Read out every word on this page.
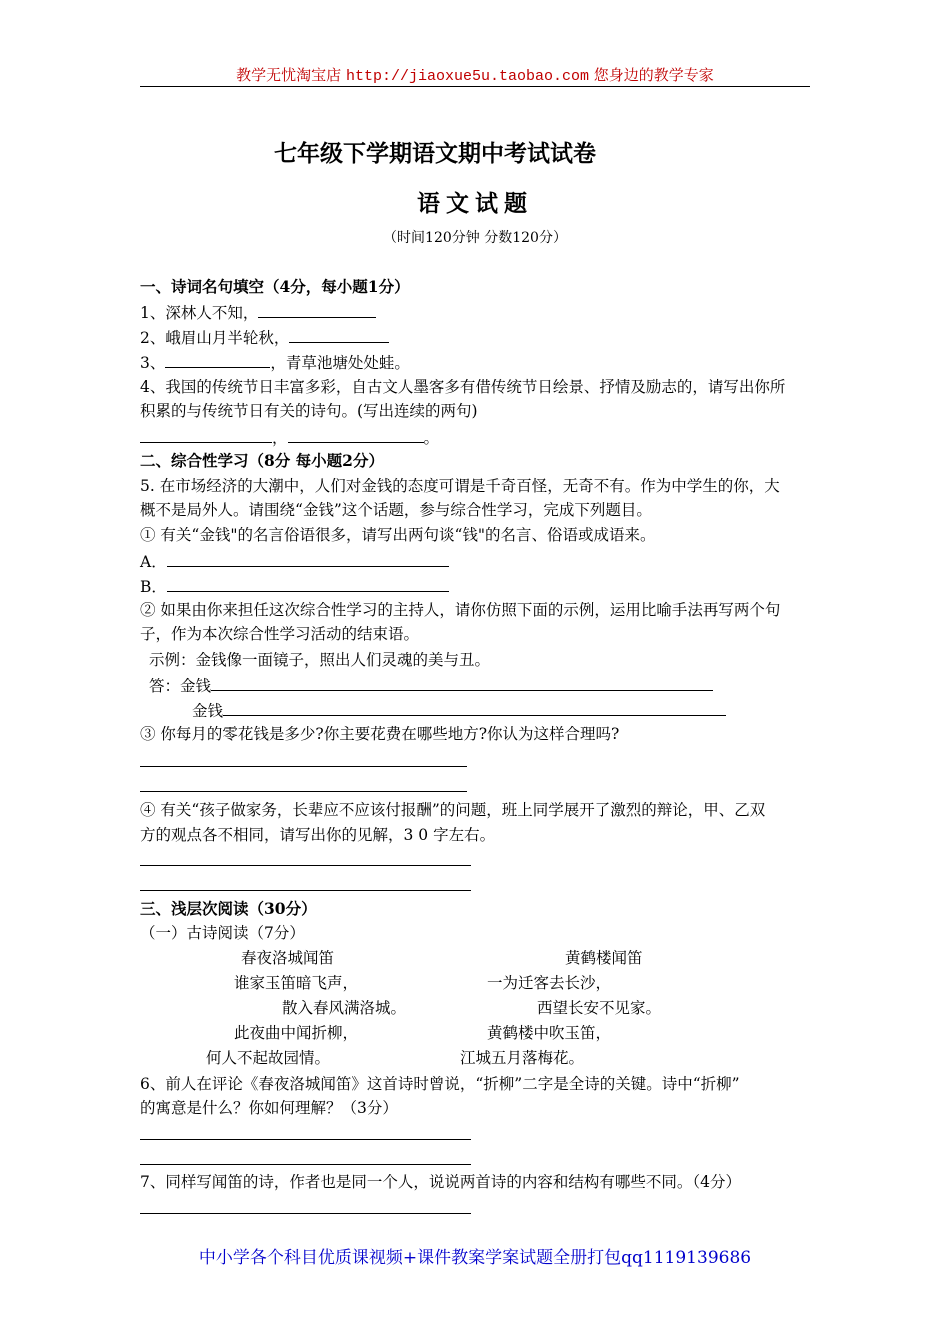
教学无忧淘宝店 http://jiaoxue5u.taobao.com 您身边的教学专家
七年级下学期语文期中考试试卷
语文试题
（时间120分钟 分数120分）
一、诗词名句填空（4分，每小题1分）
1、深林人不知，
2、峨眉山月半轮秋，
3、	，青草池塘处处蛙。
4、我国的传统节日丰富多彩，自古文人墨客多有借传统节日绘景、抒情及励志的，请写出你所
积累的与传统节日有关的诗句。(写出连续的两句)
，	。
二、综合性学习（8分 每小题2分）
5. 在市场经济的大潮中，人们对金钱的态度可谓是千奇百怪，无奇不有。作为中学生的你，大
概不是局外人。请围绕“金钱”这个话题，参与综合性学习，完成下列题目。
① 有关“金钱"的名言俗语很多，请写出两句谈“钱"的名言、俗语或成语来。
A．
B．
② 如果由你来担任这次综合性学习的主持人，请你仿照下面的示例，运用比喻手法再写两个句
子，作为本次综合性学习活动的结束语。
示例：金钱像一面镜子，照出人们灵魂的美与丑。
答：金钱
金钱
③ 你每月的零花钱是多少?你主要花费在哪些地方?你认为这样合理吗?
④ 有关“孩子做家务，长辈应不应该付报酬”的问题，班上同学展开了激烈的辩论，甲、乙双
方的观点各不相同，请写出你的见解，3 0 字左右。
三、浅层次阅读（30分）
（一）古诗阅读（7分）
春夜洛城闻笛	黄鹤楼闻笛
谁家玉笛暗飞声，	一为迁客去长沙，
散入春风满洛城。	西望长安不见家。
此夜曲中闻折柳，	黄鹤楼中吹玉笛，
何人不起故园情。	江城五月落梅花。
6、前人在评论《春夜洛城闻笛》这首诗时曾说，“折柳”二字是全诗的关键。诗中“折柳”
的寓意是什么？你如何理解？（3分）
7、同样写闻笛的诗，作者也是同一个人，说说两首诗的内容和结构有哪些不同。（4分）
中小学各个科目优质课视频+课件教案学案试题全册打包qq1119139686
